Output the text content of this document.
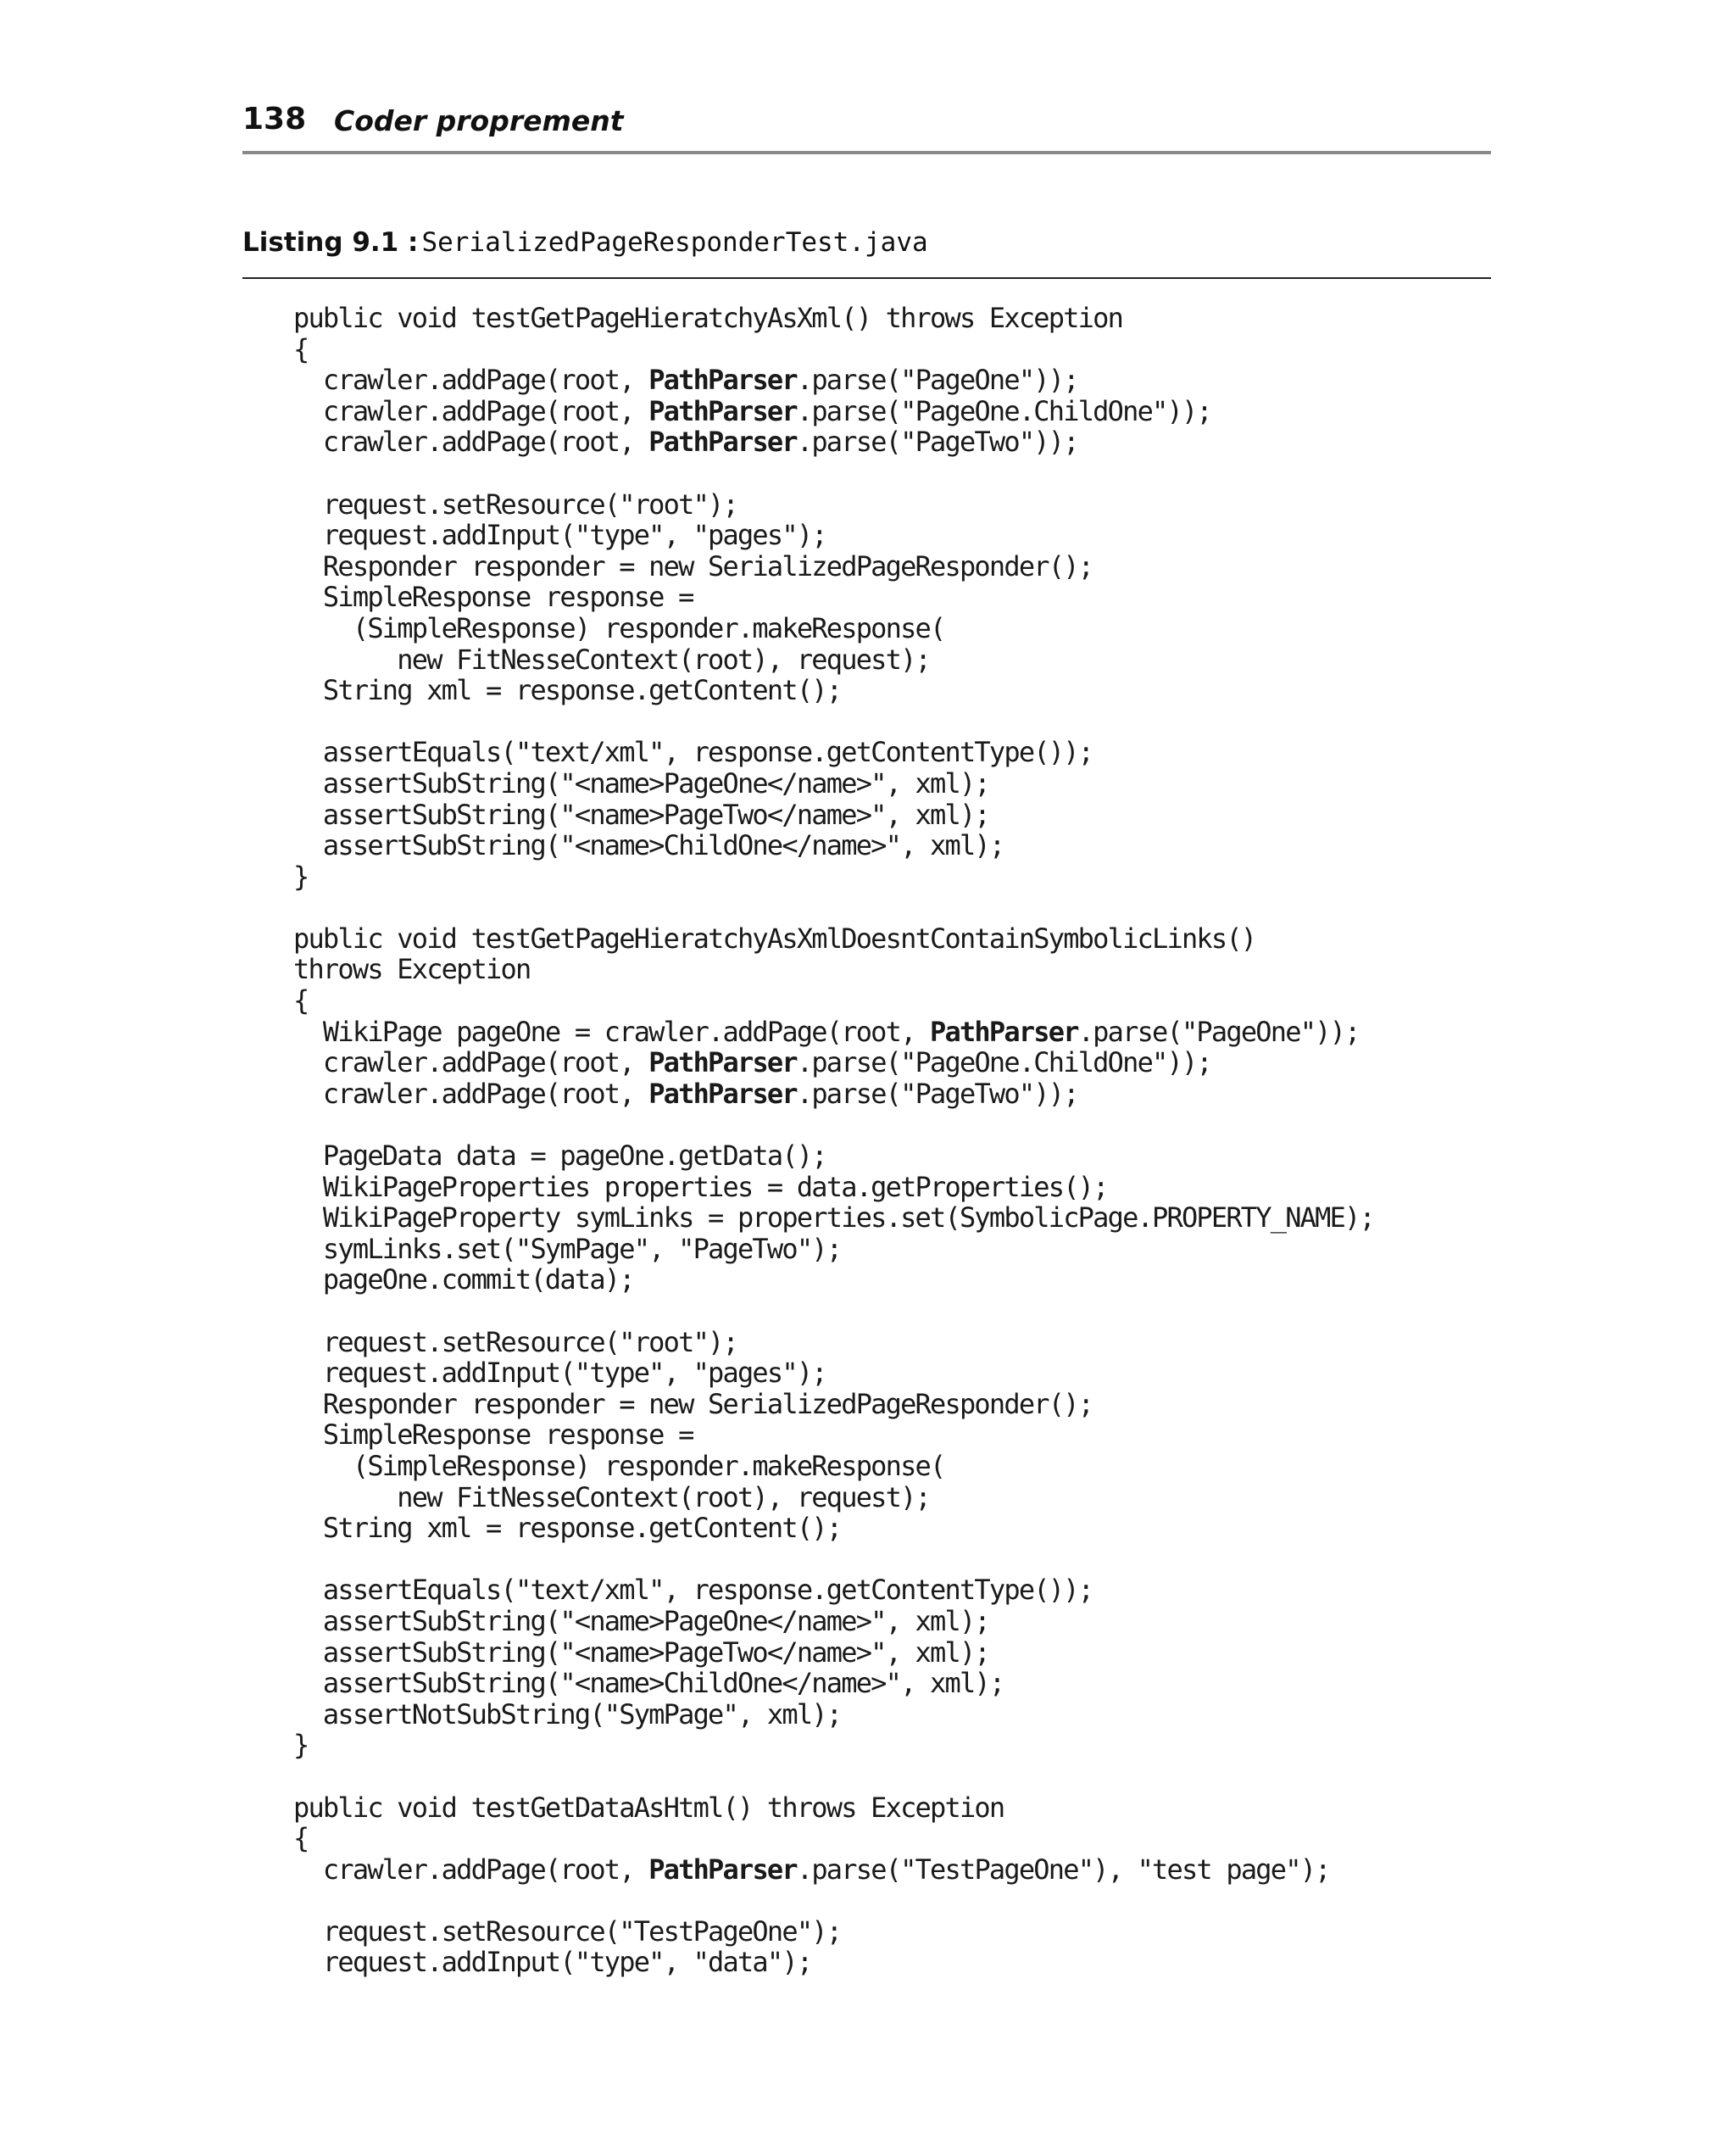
138 Coder proprement
Listing 9.1 : SerializedPageResponderTest.java
public void testGetPageHieratchyAsXml() throws Exception
{
crawler.addPage(root, PathParser.parse("PageOne"));
crawler.addPage(root, PathParser.parse("PageOne.ChildOne"));
crawler.addPage(root, PathParser.parse("PageTwo"));
request.setResource("root");
request.addInput("type", "pages");
Responder responder = new SerializedPageResponder();
SimpleResponse response =
(SimpleResponse) responder.makeResponse(
new FitNesseContext(root), request);
String xml = response.getContent();
assertEquals("text/xml", response.getContentType());
assertSubString("<name>PageOne</name>", xml);
assertSubString("<name>PageTwo</name>", xml);
assertSubString("<name>ChildOne</name>", xml);
}
public void testGetPageHieratchyAsXmlDoesntContainSymbolicLinks()
throws Exception
{
WikiPage pageOne = crawler.addPage(root, PathParser.parse("PageOne"));
crawler.addPage(root, PathParser.parse("PageOne.ChildOne"));
crawler.addPage(root, PathParser.parse("PageTwo"));
PageData data = pageOne.getData();
WikiPageProperties properties = data.getProperties();
WikiPageProperty symLinks = properties.set(SymbolicPage.PROPERTY_NAME);
symLinks.set("SymPage", "PageTwo");
pageOne.commit(data);
request.setResource("root");
request.addInput("type", "pages");
Responder responder = new SerializedPageResponder();
SimpleResponse response =
(SimpleResponse) responder.makeResponse(
new FitNesseContext(root), request);
String xml = response.getContent();
assertEquals("text/xml", response.getContentType());
assertSubString("<name>PageOne</name>", xml);
assertSubString("<name>PageTwo</name>", xml);
assertSubString("<name>ChildOne</name>", xml);
assertNotSubString("SymPage", xml);
}
public void testGetDataAsHtml() throws Exception
{
crawler.addPage(root, PathParser.parse("TestPageOne"), "test page");
request.setResource("TestPageOne");
request.addInput("type", "data");
